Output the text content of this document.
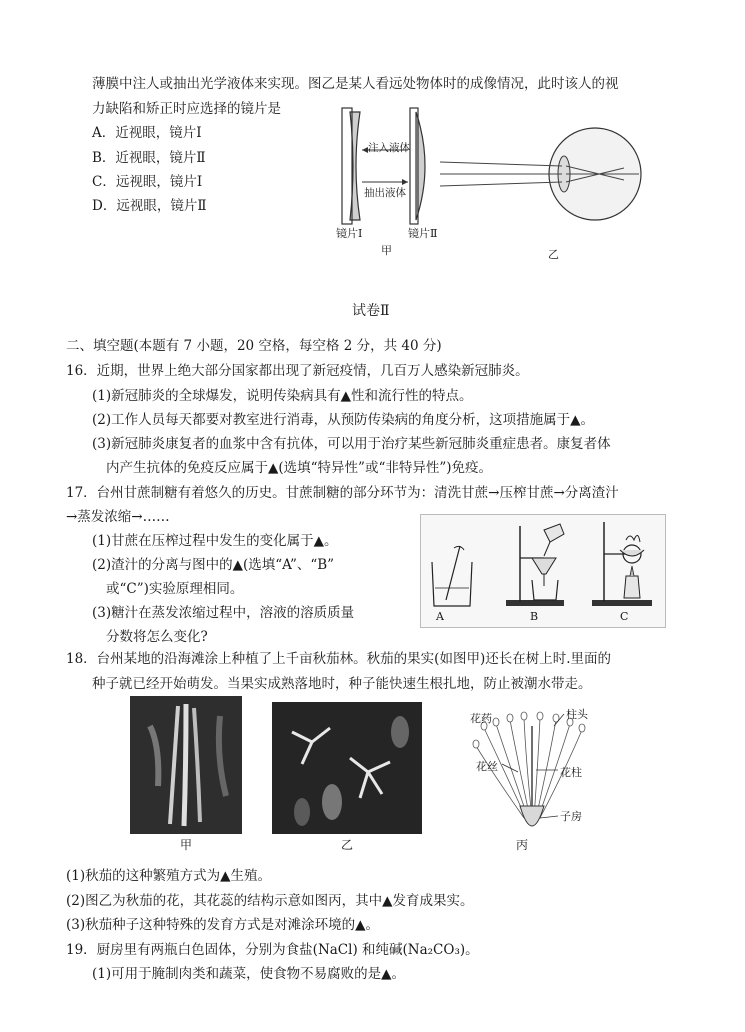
薄膜中注人或抽出光学液体来实现。图乙是某人看远处物体时的成像情况，此时该人的视
力缺陷和矫正时应选择的镜片是
A．近视眼，镜片Ⅰ
B．近视眼，镜片Ⅱ
C．远视眼，镜片Ⅰ
D．远视眼，镜片Ⅱ
注入液体
抽出液体
镜片Ⅰ	镜片Ⅱ
甲	乙
试卷Ⅱ
二、填空题(本题有 7 小题，20 空格，每空格 2 分，共 40 分)
16．近期，世界上绝大部分国家都出现了新冠疫情，几百万人感染新冠肺炎。
(1)新冠肺炎的全球爆发，说明传染病具有▲性和流行性的特点。
(2)工作人员每天都要对教室进行消毒，从预防传染病的角度分析，这项措施属于▲。
(3)新冠肺炎康复者的血浆中含有抗体，可以用于治疗某些新冠肺炎重症患者。康复者体
内产生抗体的免疫反应属于▲(选填“特异性”或“非特异性”)免疫。
17．台州甘蔗制糖有着悠久的历史。甘蔗制糖的部分环节为：清洗甘蔗→压榨甘蔗→分离渣汁
→蒸发浓缩→……
(1)甘蔗在压榨过程中发生的变化属于▲。
(2)渣汁的分离与图中的▲(选填“A”、“B”
或“C”)实验原理相同。
(3)糖汁在蒸发浓缩过程中，溶液的溶质质量
分数将怎么变化?
A	B	C
18．台州某地的沿海滩涂上种植了上千亩秋茄林。秋茄的果实(如图甲)还长在树上时.里面的
种子就已经开始萌发。当果实成熟落地时，种子能快速生根扎地，防止被潮水带走。
甲	乙
花药	柱头
花丝	花柱
子房
丙
(1)秋茄的这种繁殖方式为▲生殖。
(2)图乙为秋茄的花，其花蕊的结构示意如图丙，其中▲发育成果实。
(3)秋茄种子这种特殊的发育方式是对滩涂环境的▲。
19．厨房里有两瓶白色固体，分别为食盐(NaCl) 和纯碱(Na₂CO₃)。
(1)可用于腌制肉类和蔬菜，使食物不易腐败的是▲。
